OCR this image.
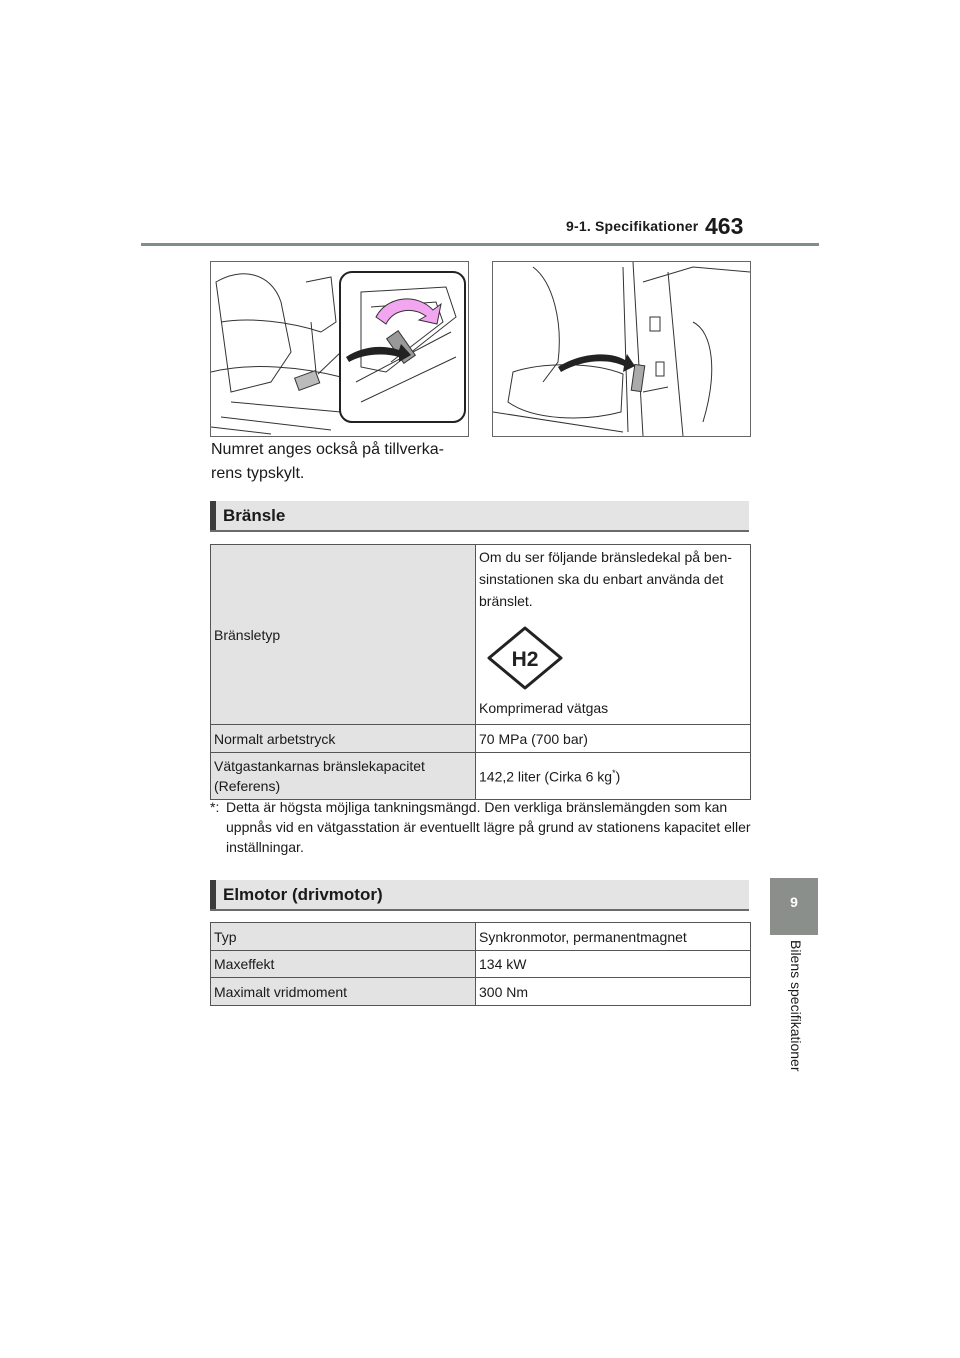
9-1. Specifikationer 463
Numret anges också på tillverka- rens typskylt.
Bränsle
Bränsletyp	Om du ser följande bränsledekal på ben- sinstationen ska du enbart använda det bränslet.
H2
Komprimerad vätgas

Normalt arbetstryck	70 MPa (700 bar)
Vätgastankarnas bränslekapacitet (Referens)	142,2 liter (Cirka 6 kg*)
*: Detta är högsta möjliga tankningsmängd. Den verkliga bränslemängden som kan uppnås vid en vätgasstation är eventuellt lägre på grund av stationens kapacitet eller inställningar.
Elmotor (drivmotor)
Typ	Synkronmotor, permanentmagnet
Maxeffekt	134 kW
Maximalt vridmoment	300 Nm
9
Bilens specifikationer
